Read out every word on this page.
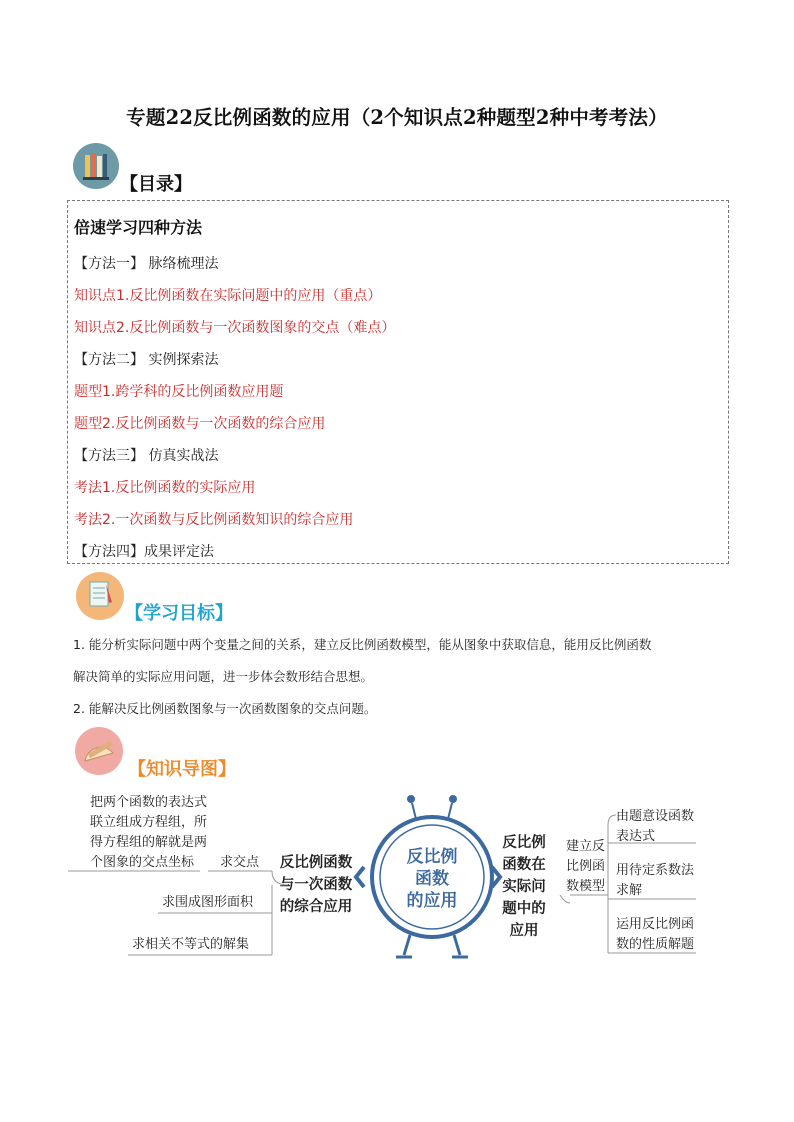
专题22反比例函数的应用（2个知识点2种题型2种中考考法）
【目录】
倍速学习四种方法
【方法一】 脉络梳理法
知识点1.反比例函数在实际问题中的应用（重点）
知识点2.反比例函数与一次函数图象的交点（难点）
【方法二】 实例探索法
题型1.跨学科的反比例函数应用题
题型2.反比例函数与一次函数的综合应用
【方法三】 仿真实战法
考法1.反比例函数的实际应用
考法2.一次函数与反比例函数知识的综合应用
【方法四】成果评定法
【学习目标】
1. 能分析实际问题中两个变量之间的关系，建立反比例函数模型，能从图象中获取信息，能用反比例函数
解决简单的实际应用问题，进一步体会数形结合思想。
2. 能解决反比例函数图象与一次函数图象的交点问题。
【知识导图】
反比例
函数
的应用
反比例函数
与一次函数
的综合应用
把两个函数的表达式
联立组成方程组，所
得方程组的解就是两
个图象的交点坐标 求交点
求围成图形面积
求相关不等式的解集
反比例
函数在
实际问
题中的
应用
建立反
比例函
数模型
由题意设函数
表达式
用待定系数法
求解
运用反比例函
数的性质解题
